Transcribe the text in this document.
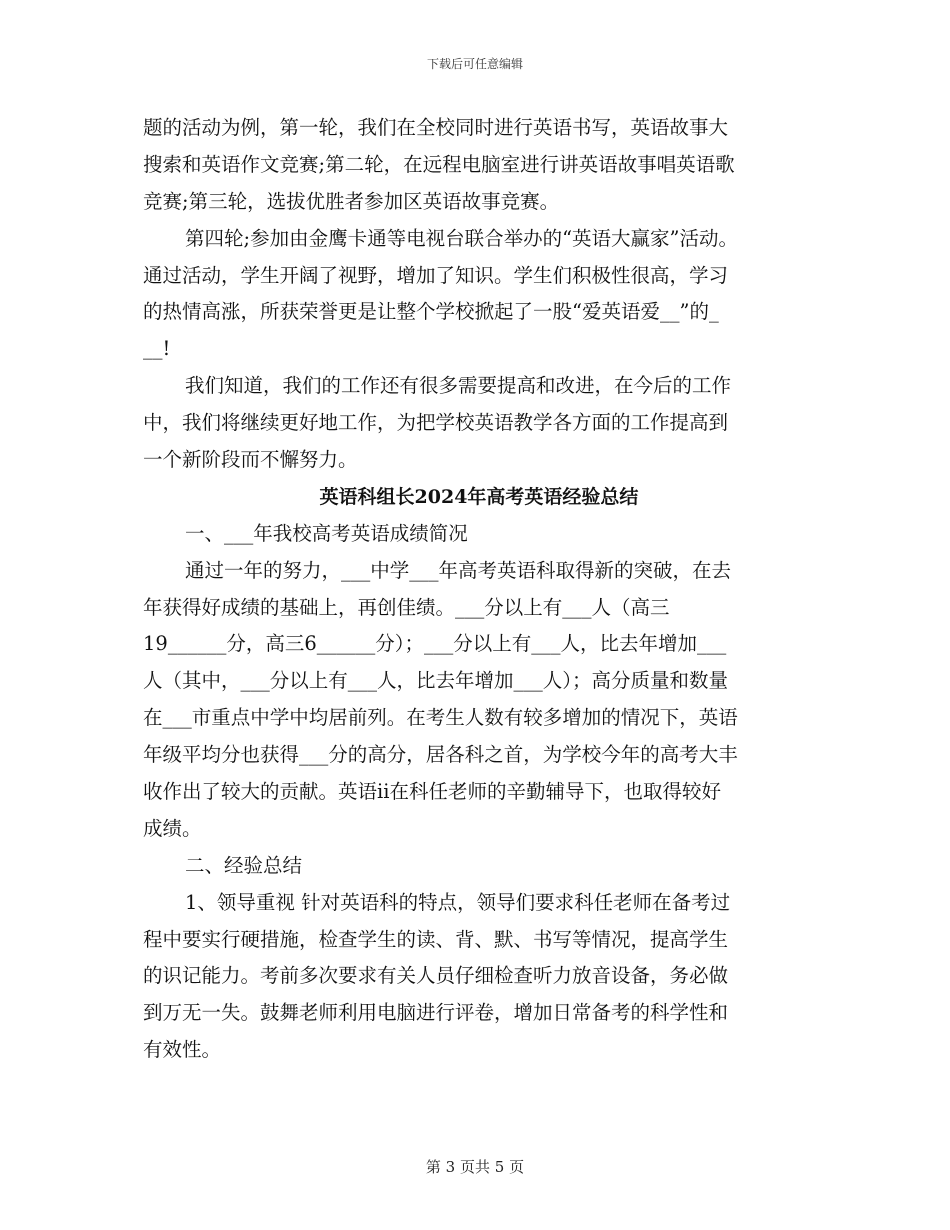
下载后可任意编辑
题的活动为例，第一轮，我们在全校同时进行英语书写，英语故事大
搜索和英语作文竞赛;第二轮，在远程电脑室进行讲英语故事唱英语歌
竞赛;第三轮，选拔优胜者参加区英语故事竞赛。
第四轮;参加由金鹰卡通等电视台联合举办的“英语大赢家”活动。
通过活动，学生开阔了视野，增加了知识。学生们积极性很高，学习
的热情高涨，所获荣誉更是让整个学校掀起了一股“爱英语爱__”的_
__!
我们知道，我们的工作还有很多需要提高和改进，在今后的工作
中，我们将继续更好地工作，为把学校英语教学各方面的工作提高到
一个新阶段而不懈努力。
英语科组长2024年高考英语经验总结
一、___年我校高考英语成绩简况
通过一年的努力，___中学___年高考英语科取得新的突破，在去
年获得好成绩的基础上，再创佳绩。___分以上有___人（高三
19______分，高三6______分）；___分以上有___人，比去年增加___
人（其中，___分以上有___人，比去年增加___人）；高分质量和数量
在___市重点中学中均居前列。在考生人数有较多增加的情况下，英语
年级平均分也获得___分的高分，居各科之首，为学校今年的高考大丰
收作出了较大的贡献。英语ii在科任老师的辛勤辅导下，也取得较好
成绩。
二、经验总结
1、领导重视 针对英语科的特点，领导们要求科任老师在备考过
程中要实行硬措施，检查学生的读、背、默、书写等情况，提高学生
的识记能力。考前多次要求有关人员仔细检查听力放音设备，务必做
到万无一失。鼓舞老师利用电脑进行评卷，增加日常备考的科学性和
有效性。
第 3 页共 5 页
